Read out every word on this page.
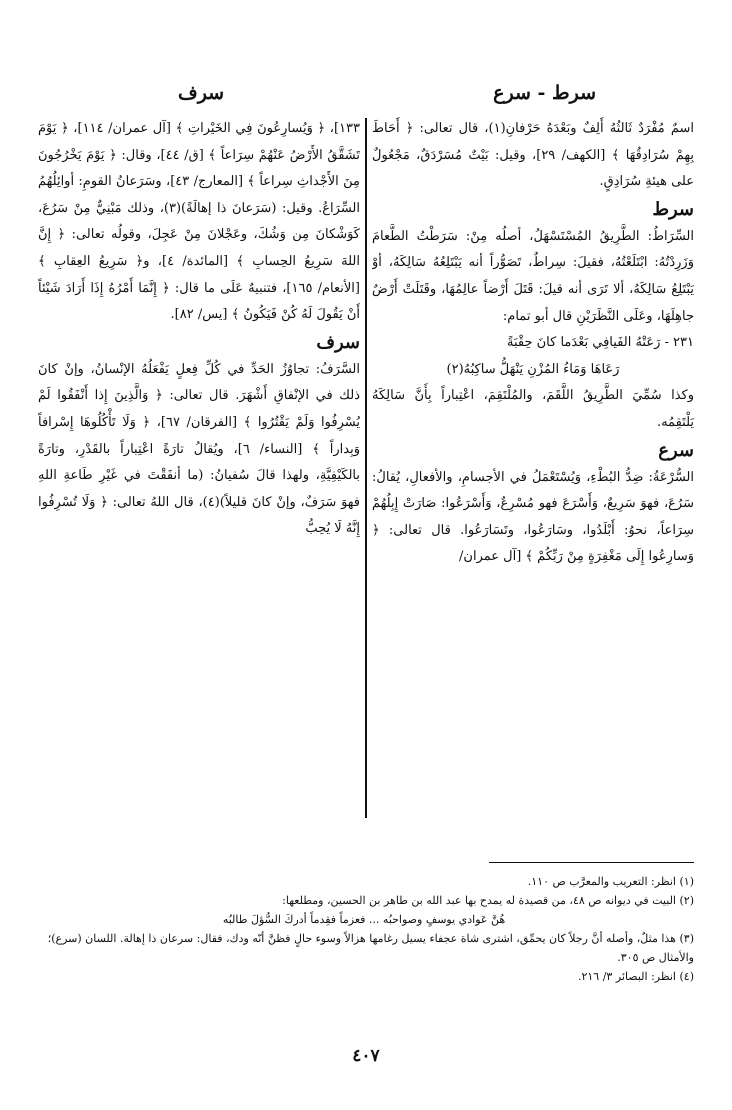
سرط - سرع
سرف

اسمٌ مُفْرَدٌ ثَالثُهُ أَلِفٌ وبَعْدَهُ حَرْفانِ(١)، قال تعالى: ﴿ أَحَاطَ بِهِمْ سُرَادِقُهَا ﴾ [الكهف/ ٢٩]، وقيل: بَيْتٌ مُسَرْدَقٌ، مَجْعُولٌ على هيئةِ سُرَادِقٍ.

سرط

السِّرَاطُ: الطَّرِيقُ المُسْتَسْهَلُ، أصلُه مِنْ: سَرَطْتُ الطَّعامَ وَزَرِدْتُهُ: ابْتَلَعْتُهُ، فقيلَ: سِراطٌ، تَصَوُّراً أنه يَبْتَلِعُهُ سَالِكَهُ، أوْ يَبْتَلِعُ سَالِكَهُ، ألا تَرَى أنه قيلَ: قَتَلَ أَرْضاً عالِمُهَا، وقَتَلَتْ أَرْضٌ جاهِلَهَا، وعَلَى النَّظَرَيْنِ قال أبو تمام:

٢٣١ - رَعَتْهُ الفَيافِي بَعْدَما كانَ حِقْبَةً

رَعَاهَا وَمَاءُ المُزْنِ يَنْهَلُّ ساكِبُهُ(٢)

وكذا سُمِّيَ الطَّرِيقُ اللَّقَمَ، والمُلْتَقِمَ، اعْتِباراً بِأَنَّ سَالِكَهُ يَلْتَقِمُه.

سرع

السُّرْعَةُ: ضِدُّ البُطْءِ، وَيُسْتَعْمَلُ في الأجسامِ، والأفعالِ، يُقالُ: سَرُعَ، فهوَ سَرِيعٌ، وَأَسْرَعَ فهو مُسْرِعٌ، وَأَسْرَعُوا: صَارَتْ إِبِلُهُمْ سِرَاعاً، نحوُ: أَبْلَدُوا، وسَارَعُوا، وتَسَارَعُوا. قال تعالى: ﴿ وَسارِعُوا إِلَى مَغْفِرَةٍ مِنْ رَبِّكُمْ ﴾ [آل عمران/

١٣٣]، ﴿ وَيُسارِعُونَ فِي الخَيْراتِ ﴾ [آل عمران/ ١١٤]، ﴿ يَوْمَ تَشَقَّقُ الأَرْضُ عَنْهُمْ سِرَاعاً ﴾ [ق/ ٤٤]، وقال: ﴿ يَوْمَ يَخْرُجُونَ مِنَ الأَجْداثِ سِراعاً ﴾ [المعارج/ ٤٣]، وسَرَعانُ القومِ: أوائِلُهُمُ السِّرَاعُ. وقيل: (سَرَعانَ ذا إهالَةً)(٣)، وذلك مَبْنِيٌّ مِنْ سَرُعَ، كَوَشْكانَ مِن وَشُكَ، وعَجْلانَ مِنْ عَجِلَ، وقولُه تعالى: ﴿ إِنَّ اللهَ سَرِيعُ الحِسابِ ﴾ [المائدة/ ٤]، و﴿ سَرِيعُ العِقابِ ﴾ [الأنعام/ ١٦٥]، فتنبيهٌ عَلَى ما قال: ﴿ إِنَّمَا أَمْرُهُ إِذَا أَرَادَ شَيْئاً أَنْ يَقُولَ لَهُ كُنْ فَيَكُونُ ﴾ [يس/ ٨٢].

سرف

السَّرَفُ: تجاوُزُ الحَدِّ في كُلِّ فِعلٍ يَفْعَلُهُ الإنْسانُ، وإنْ كانَ ذلك في الإنْفاقِ أَشْهَرَ. قال تعالى: ﴿ وَالَّذِينَ إِذا أَنْفَقُوا لَمْ يُسْرِفُوا وَلَمْ يَقْتُرُوا ﴾ [الفرقان/ ٦٧]، ﴿ وَلَا تَأْكُلُوهَا إِسْرافاً وَبِداراً ﴾ [النساء/ ٦]، ويُقالُ تارَةً اعْتِباراً بالقَدْرِ، وتارَةً بالكَيْفِيَّةِ، ولهذا قالَ سُفيانُ: (ما أنفَقْتَ في غَيْرِ طَاعةِ اللهِ فهوَ سَرَفٌ، وإنْ كانَ قليلاً)(٤)، قال اللهُ تعالى: ﴿ وَلَا تُسْرِفُوا إِنَّهُ لَا يُحِبُّ

(١) انظر: التعريب والمعرَّب ص ١١٠.

(٢) البيت في ديوانه ص ٤٨، من قصيدة له يمدح بها عبد الله بن طاهر بن الحسين، ومطلعها:

هُنَّ عَوادي يوسفٍ وصواحبُه ... فعزماً فقِدماً أدركَ السُّؤلَ طالبُه

(٣) هذا مثلٌ، وأصله أنَّ رجلاً كان يحمِّق، اشترى شاة عجفاء يسيل رغامها هزالاً وسوء حالٍ فظنَّ أنّه ودك، فقال: سرعان ذا إهالة. اللسان (سرع)؛ والأمثال ص ٣٠٥.

(٤) انظر: البصائر ٣/ ٢١٦.

٤٠٧
